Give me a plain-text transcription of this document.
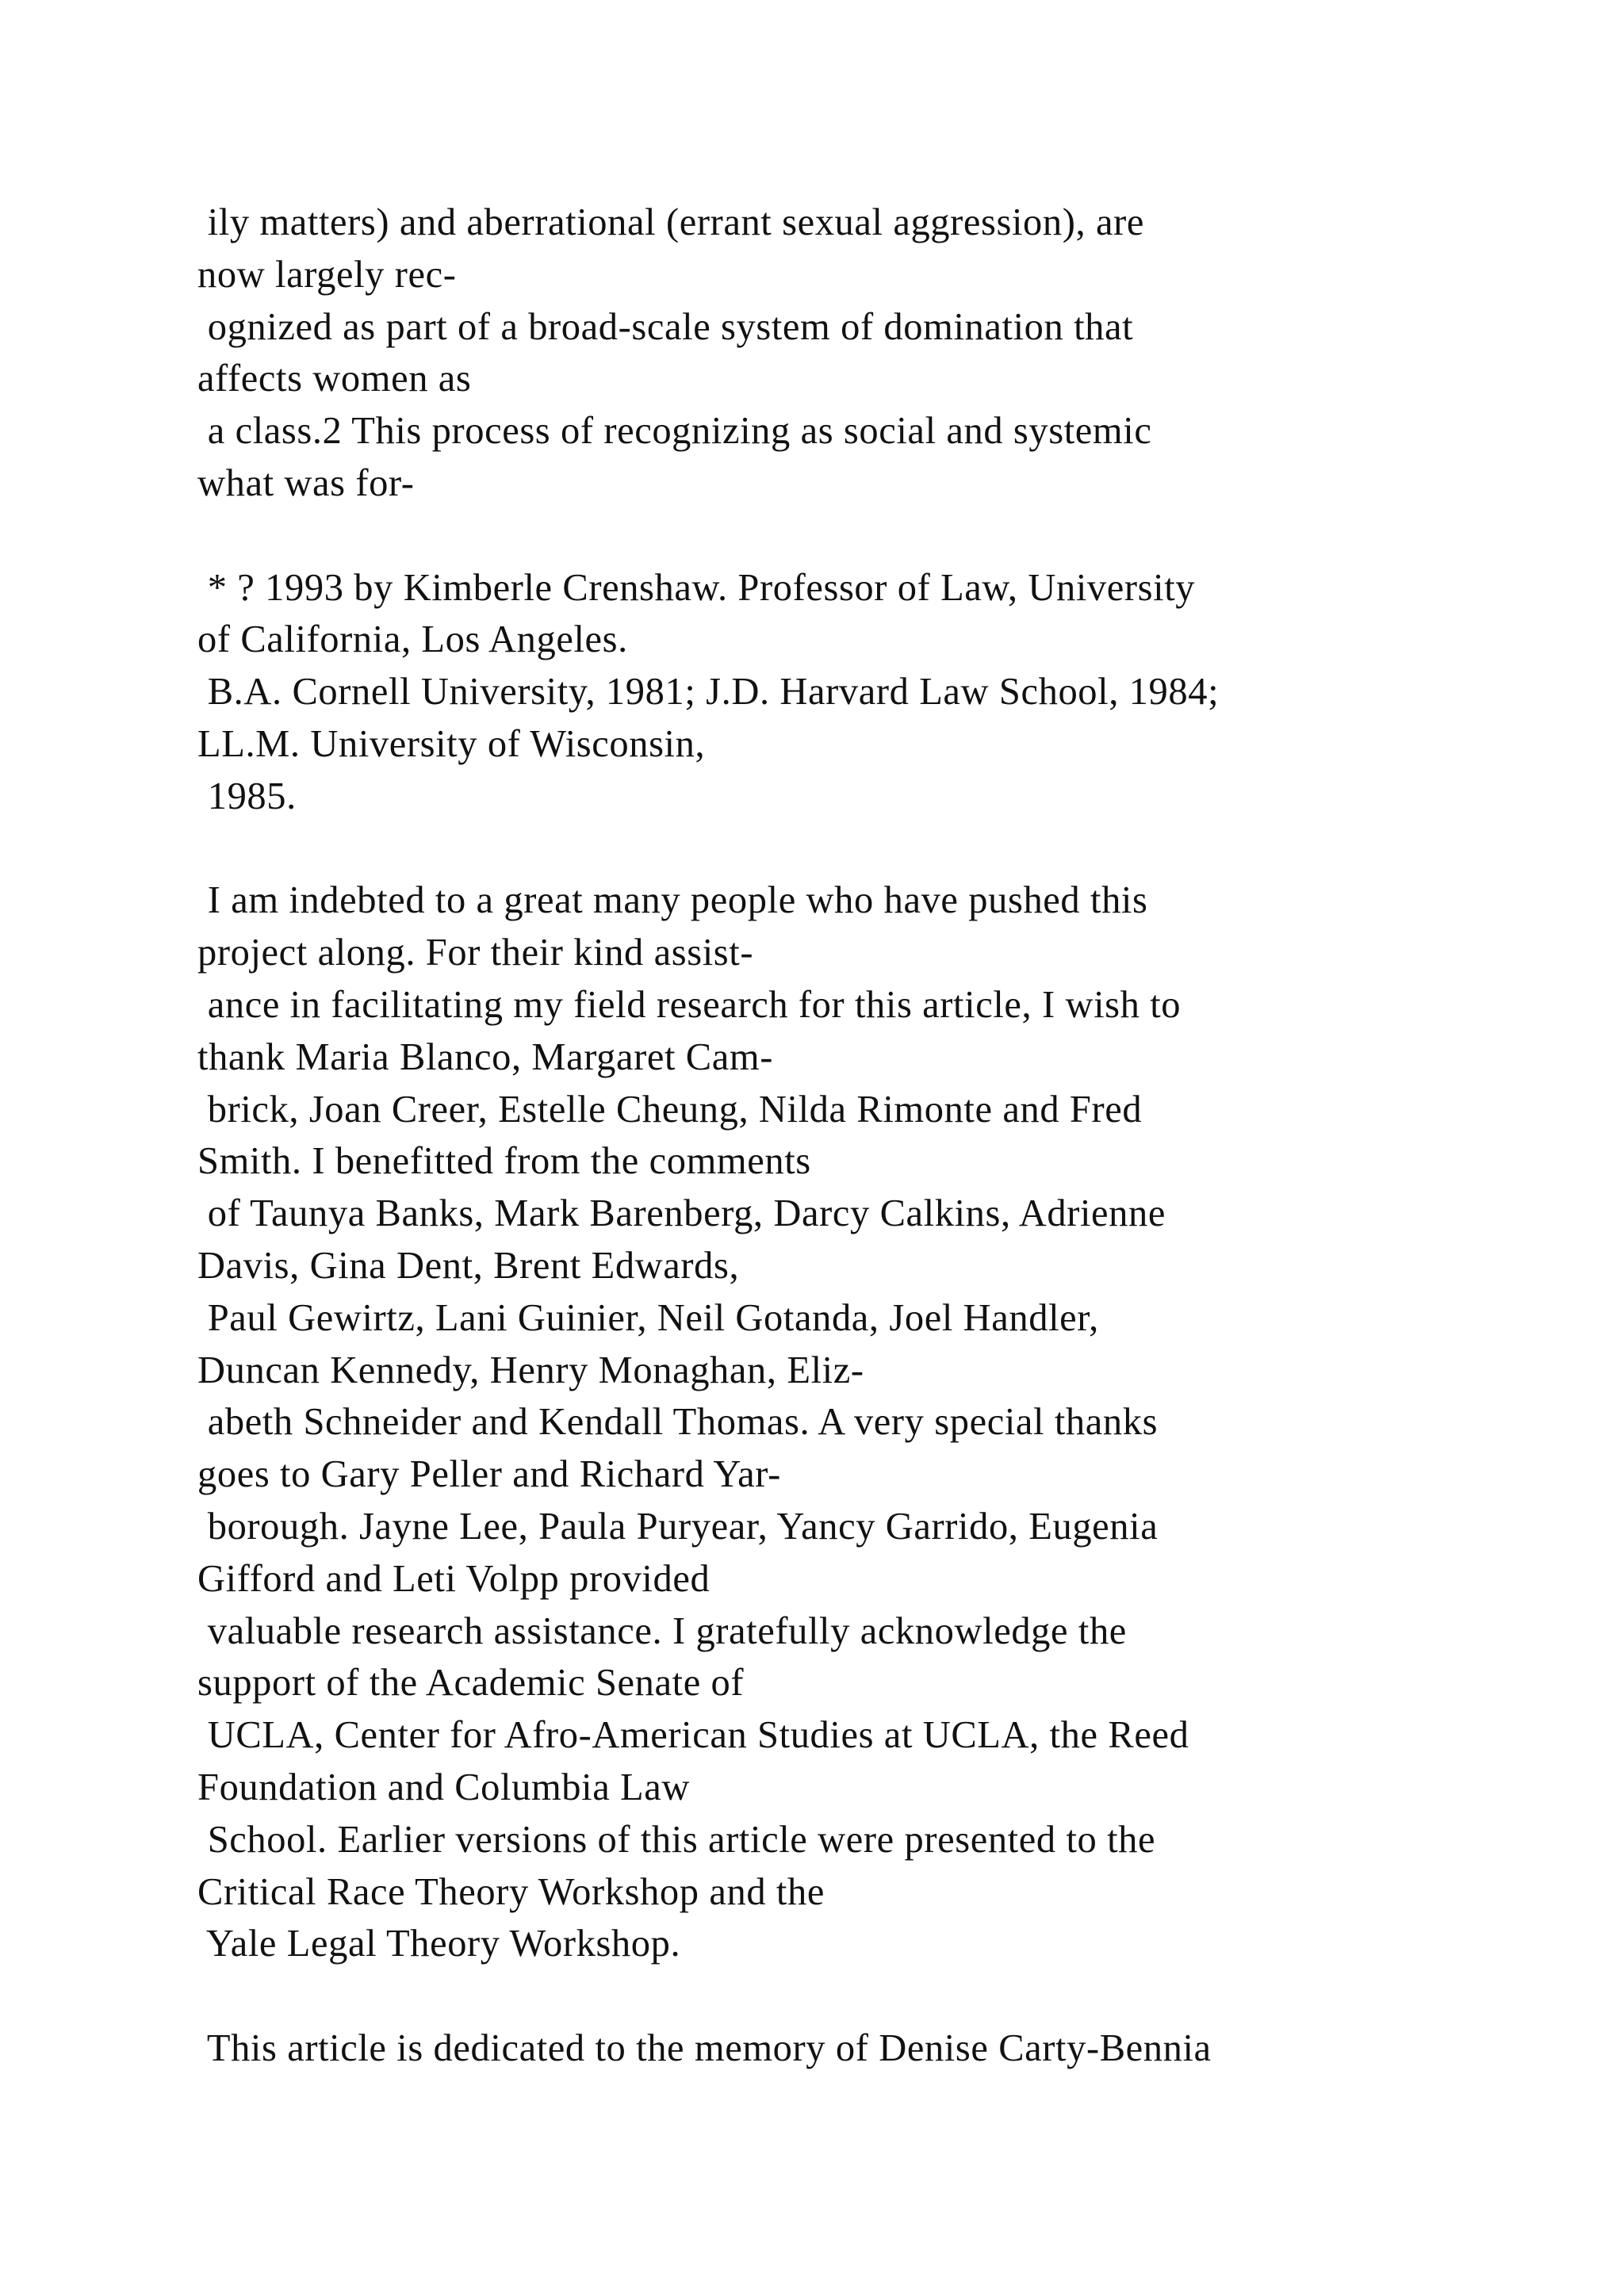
ily matters) and aberrational (errant sexual aggression), are
now largely rec-
ognized as part of a broad-scale system of domination that
affects women as
a class.2 This process of recognizing as social and systemic
what was for-
* ? 1993 by Kimberle Crenshaw. Professor of Law, University
of California, Los Angeles.
B.A. Cornell University, 1981; J.D. Harvard Law School, 1984;
LL.M. University of Wisconsin,
1985.
I am indebted to a great many people who have pushed this
project along. For their kind assist-
ance in facilitating my field research for this article, I wish to
thank Maria Blanco, Margaret Cam-
brick, Joan Creer, Estelle Cheung, Nilda Rimonte and Fred
Smith. I benefitted from the comments
of Taunya Banks, Mark Barenberg, Darcy Calkins, Adrienne
Davis, Gina Dent, Brent Edwards,
Paul Gewirtz, Lani Guinier, Neil Gotanda, Joel Handler,
Duncan Kennedy, Henry Monaghan, Eliz-
abeth Schneider and Kendall Thomas. A very special thanks
goes to Gary Peller and Richard Yar-
borough. Jayne Lee, Paula Puryear, Yancy Garrido, Eugenia
Gifford and Leti Volpp provided
valuable research assistance. I gratefully acknowledge the
support of the Academic Senate of
UCLA, Center for Afro-American Studies at UCLA, the Reed
Foundation and Columbia Law
School. Earlier versions of this article were presented to the
Critical Race Theory Workshop and the
Yale Legal Theory Workshop.
This article is dedicated to the memory of Denise Carty-Bennia
